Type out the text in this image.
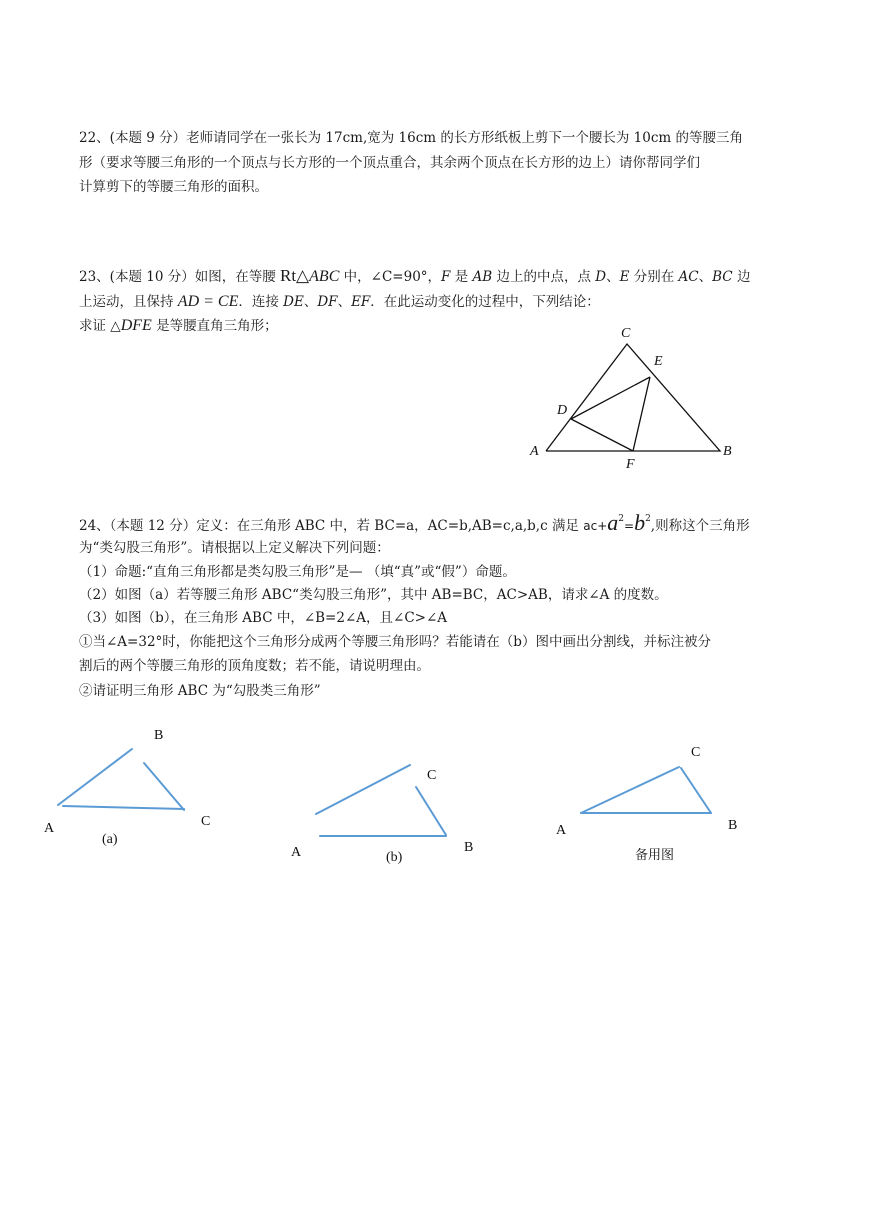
22、(本题 9 分）老师请同学在一张长为 17cm,宽为 16cm 的长方形纸板上剪下一个腰长为 10cm 的等腰三角
形（要求等腰三角形的一个顶点与长方形的一个顶点重合，其余两个顶点在长方形的边上）请你帮同学们
计算剪下的等腰三角形的面积。
23、(本题 10 分）如图，在等腰 Rt△ABC 中，∠C=90°，F 是 AB 边上的中点，点 D、E 分别在 AC、BC 边
上运动，且保持 AD = CE．连接 DE、DF、EF．在此运动变化的过程中，下列结论：
求证 △DFE 是等腰直角三角形；	C
E
D
A
F
B
24、（本题 12 分）定义：在三角形 ABC 中，若 BC=a，AC=b,AB=c,a,b,c 满足 $ac+a^2=b^2$,则称这个三角形
为“类勾股三角形”。请根据以上定义解决下列问题：
（1）命题:“直角三角形都是类勾股三角形”是— （填“真”或“假”）命题。
（2）如图（a）若等腰三角形 ABC“类勾股三角形”，其中 AB=BC，AC>AB，请求∠A 的度数。
（3）如图（b），在三角形 ABC 中，∠B=2∠A，且∠C>∠A
①当∠A=32°时，你能把这个三角形分成两个等腰三角形吗？若能请在（b）图中画出分割线，并标注被分
割后的两个等腰三角形的顶角度数；若不能，请说明理由。
②请证明三角形 ABC 为“勾股类三角形”
B
A	C
(a)
C
A	B
(b)
C
A	B
备用图
